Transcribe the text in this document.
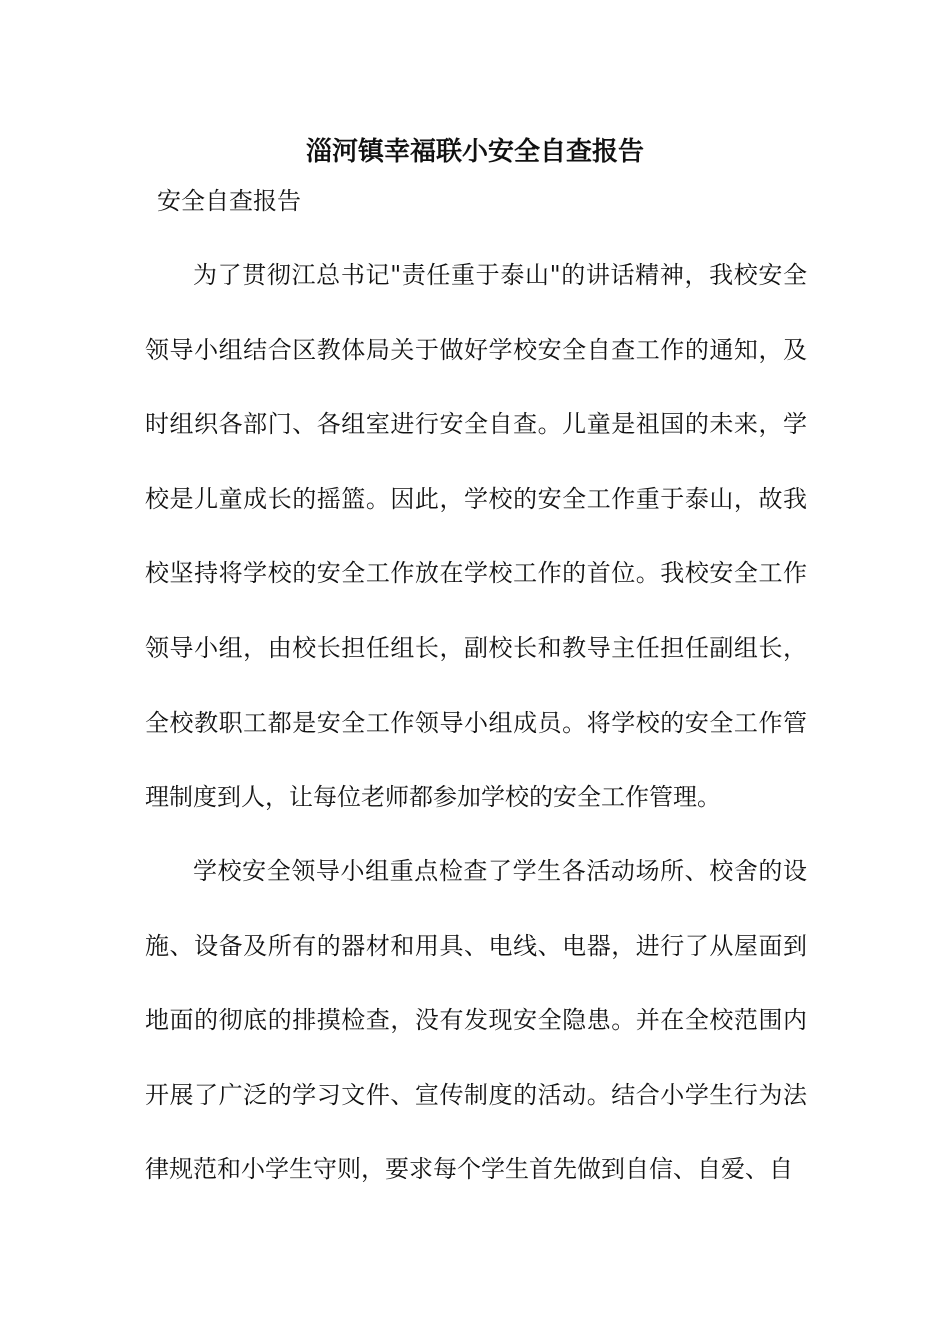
淄河镇幸福联小安全自查报告
安全自查报告

为了贯彻江总书记"责任重于泰山"的讲话精神，我校安全领导小组结合区教体局关于做好学校安全自查工作的通知，及时组织各部门、各组室进行安全自查。儿童是祖国的未来，学校是儿童成长的摇篮。因此，学校的安全工作重于泰山，故我校坚持将学校的安全工作放在学校工作的首位。我校安全工作领导小组，由校长担任组长，副校长和教导主任担任副组长，全校教职工都是安全工作领导小组成员。将学校的安全工作管理制度到人，让每位老师都参加学校的安全工作管理。

学校安全领导小组重点检查了学生各活动场所、校舍的设施、设备及所有的器材和用具、电线、电器，进行了从屋面到地面的彻底的排摸检查，没有发现安全隐患。并在全校范围内开展了广泛的学习文件、宣传制度的活动。结合小学生行为法律规范和小学生守则，要求每个学生首先做到自信、自爱、自
